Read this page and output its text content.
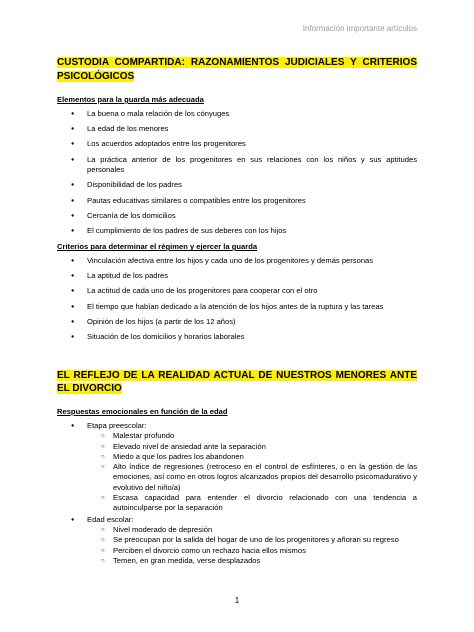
Información importante artículos
CUSTODIA COMPARTIDA: RAZONAMIENTOS JUDICIALES Y CRITERIOS PSICOLÓGICOS
Elementos para la guarda más adecuada
● La buena o mala relación de los cónyuges
● La edad de los menores
● Los acuerdos adoptados entre los progenitores
● La práctica anterior de los progenitores en sus relaciones con los niños y sus aptitudes personales
● Disponibilidad de los padres
● Pautas educativas similares o compatibles entre los progenitores
● Cercanía de los domicilios
● El cumplimiento de los padres de sus deberes con los hijos
Criterios para determinar el régimen y ejercer la guarda
● Vinculación afectiva entre los hijos y cada uno de los progenitores y demás personas
● La aptitud de los padres
● La actitud de cada uno de los progenitores para cooperar con el otro
● El tiempo que habían dedicado a la atención de los hijos antes de la ruptura y las tareas
● Opinión de los hijos (a partir de los 12 años)
● Situación de los domicilios y horarios laborales
EL REFLEJO DE LA REALIDAD ACTUAL DE NUESTROS MENORES ANTE EL DIVORCIO
Respuestas emocionales en función de la edad
● Etapa preescolar:
○ Malestar profundo
○ Elevado nivel de ansiedad ante la separación
○ Miedo a que los padres los abandonen
○ Alto índice de regresiones (retroceso en el control de esfínteres, o en la gestión de las emociones, así como en otros logros alcanzados propios del desarrollo psicomadurativo y evolutivo del niño/a)
○ Escasa capacidad para entender el divorcio relacionado con una tendencia a autoinculparse por la separación
● Edad escolar:
○ Nivel moderado de depresión
○ Se preocupan por la salida del hogar de uno de los progenitores y añoran su regreso
○ Perciben el divorcio como un rechazo hacia ellos mismos
○ Temen, en gran medida, verse desplazados
1
